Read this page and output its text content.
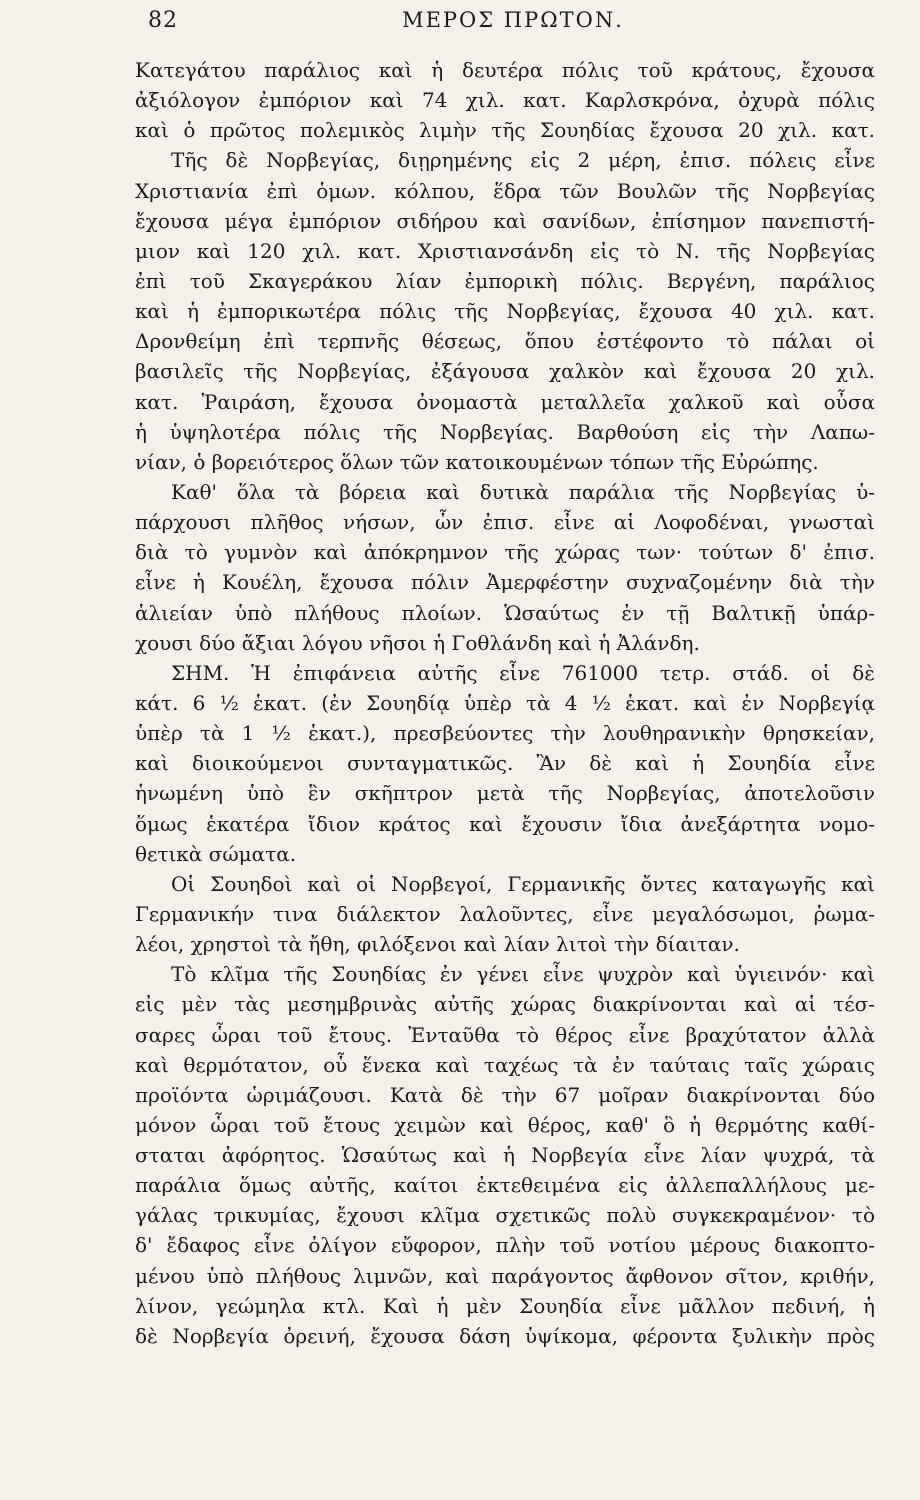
82	ΜΕΡΟΣ ΠΡΩΤΟΝ.
Κατεγάτου παράλιος καὶ ἡ δευτέρα πόλις τοῦ κράτους, ἔχουσα
ἀξιόλογον ἐμπόριον καὶ 74 χιλ. κατ. Καρλσκρόνα, ὀχυρὰ πόλις
καὶ ὁ πρῶτος πολεμικὸς λιμὴν τῆς Σουηδίας ἔχουσα 20 χιλ. κατ.
Τῆς δὲ Νορβεγίας, διῃρημένης εἰς 2 μέρη, ἐπισ. πόλεις εἶνε
Χριστιανία ἐπὶ ὁμων. κόλπου, ἕδρα τῶν Βουλῶν τῆς Νορβεγίας
ἔχουσα μέγα ἐμπόριον σιδήρου καὶ σανίδων, ἐπίσημον πανεπιστή-
μιον καὶ 120 χιλ. κατ. Χριστιανσάνδη εἰς τὸ Ν. τῆς Νορβεγίας
ἐπὶ τοῦ Σκαγεράκου λίαν ἐμπορικὴ πόλις. Βεργένη, παράλιος
καὶ ἡ ἐμπορικωτέρα πόλις τῆς Νορβεγίας, ἔχουσα 40 χιλ. κατ.
Δρονθείμη ἐπὶ τερπνῆς θέσεως, ὅπου ἐστέφοντο τὸ πάλαι οἱ
βασιλεῖς τῆς Νορβεγίας, ἐξάγουσα χαλκὸν καὶ ἔχουσα 20 χιλ.
κατ. Ῥαιράση, ἔχουσα ὀνομαστὰ μεταλλεῖα χαλκοῦ καὶ οὖσα
ἡ ὑψηλοτέρα πόλις τῆς Νορβεγίας. Βαρθούση εἰς τὴν Λαπω-
νίαν, ὁ βορειότερος ὅλων τῶν κατοικουμένων τόπων τῆς Εὐρώπης.
Καθ' ὅλα τὰ βόρεια καὶ δυτικὰ παράλια τῆς Νορβεγίας ὑ-
πάρχουσι πλῆθος νήσων, ὧν ἐπισ. εἶνε αἱ Λοφοδέναι, γνωσταὶ
διὰ τὸ γυμνὸν καὶ ἀπόκρημνον τῆς χώρας των· τούτων δ' ἐπισ.
εἶνε ἡ Κουέλη, ἔχουσα πόλιν Ἀμερφέστην συχναζομένην διὰ τὴν
ἁλιείαν ὑπὸ πλήθους πλοίων. Ὡσαύτως ἐν τῇ Βαλτικῇ ὑπάρ-
χουσι δύο ἄξιαι λόγου νῆσοι ἡ Γοθλάνδη καὶ ἡ Ἀλάνδη.
ΣΗΜ. Ἡ ἐπιφάνεια αὐτῆς εἶνε 761000 τετρ. στάδ. οἱ δὲ
κάτ. 6 ½ ἑκατ. (ἐν Σουηδίᾳ ὑπὲρ τὰ 4 ½ ἑκατ. καὶ ἐν Νορβεγίᾳ
ὑπὲρ τὰ 1 ½ ἑκατ.), πρεσβεύοντες τὴν λουθηρανικὴν θρησκείαν,
καὶ διοικούμενοι συνταγματικῶς. Ἂν δὲ καὶ ἡ Σουηδία εἶνε
ἡνωμένη ὑπὸ ἓν σκῆπτρον μετὰ τῆς Νορβεγίας, ἀποτελοῦσιν
ὅμως ἑκατέρα ἴδιον κράτος καὶ ἔχουσιν ἴδια ἀνεξάρτητα νομο-
θετικὰ σώματα.
Οἱ Σουηδοὶ καὶ οἱ Νορβεγοί, Γερμανικῆς ὄντες καταγωγῆς καὶ
Γερμανικήν τινα διάλεκτον λαλοῦντες, εἶνε μεγαλόσωμοι, ῥωμα-
λέοι, χρηστοὶ τὰ ἤθη, φιλόξενοι καὶ λίαν λιτοὶ τὴν δίαιταν.
Τὸ κλῖμα τῆς Σουηδίας ἐν γένει εἶνε ψυχρὸν καὶ ὑγιεινόν· καὶ
εἰς μὲν τὰς μεσημβρινὰς αὐτῆς χώρας διακρίνονται καὶ αἱ τέσ-
σαρες ὧραι τοῦ ἔτους. Ἐνταῦθα τὸ θέρος εἶνε βραχύτατον ἀλλὰ
καὶ θερμότατον, οὗ ἕνεκα καὶ ταχέως τὰ ἐν ταύταις ταῖς χώραις
προϊόντα ὡριμάζουσι. Κατὰ δὲ τὴν 67 μοῖραν διακρίνονται δύο
μόνον ὧραι τοῦ ἔτους χειμὼν καὶ θέρος, καθ' ὃ ἡ θερμότης καθί-
σταται ἀφόρητος. Ὡσαύτως καὶ ἡ Νορβεγία εἶνε λίαν ψυχρά, τὰ
παράλια ὅμως αὐτῆς, καίτοι ἐκτεθειμένα εἰς ἀλλεπαλλήλους με-
γάλας τρικυμίας, ἔχουσι κλῖμα σχετικῶς πολὺ συγκεκραμένον· τὸ
δ' ἔδαφος εἶνε ὀλίγον εὔφορον, πλὴν τοῦ νοτίου μέρους διακοπτο-
μένου ὑπὸ πλήθους λιμνῶν, καὶ παράγοντος ἄφθονον σῖτον, κριθήν,
λίνον, γεώμηλα κτλ. Καὶ ἡ μὲν Σουηδία εἶνε μᾶλλον πεδινή, ἡ
δὲ Νορβεγία ὀρεινή, ἔχουσα δάση ὑψίκομα, φέροντα ξυλικὴν πρὸς
